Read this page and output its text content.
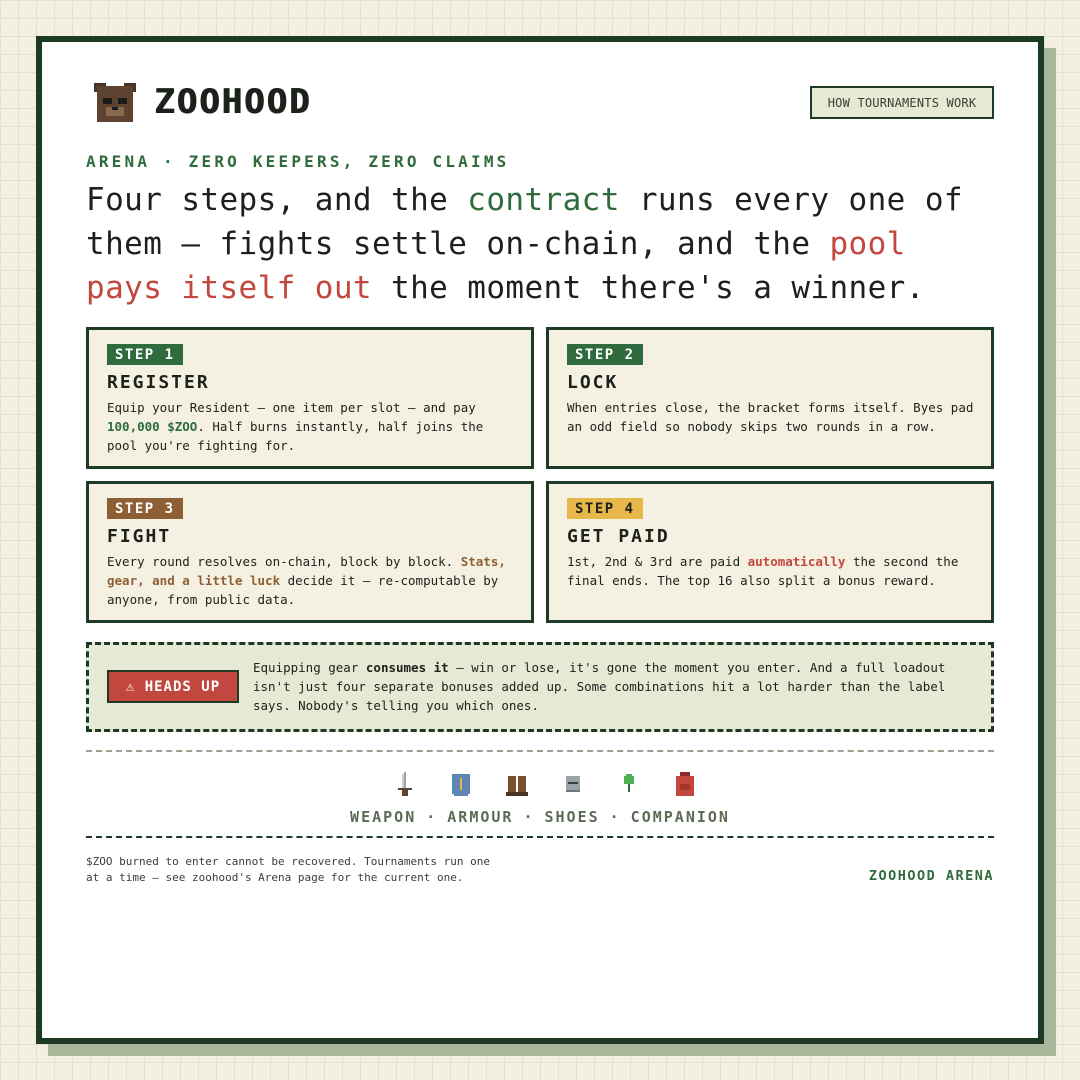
ZOOHOOD	HOW TOURNAMENTS WORK
ARENA · ZERO KEEPERS, ZERO CLAIMS
Four steps, and the contract runs every one of them — fights settle on-chain, and the pool pays itself out the moment there's a winner.
STEP 1
REGISTER
Equip your Resident — one item per slot — and pay 100,000 $ZOO. Half burns instantly, half joins the pool you're fighting for.
STEP 2
LOCK
When entries close, the bracket forms itself. Byes pad an odd field so nobody skips two rounds in a row.
STEP 3
FIGHT
Every round resolves on-chain, block by block. Stats, gear, and a little luck decide it — re-computable by anyone, from public data.
STEP 4
GET PAID
1st, 2nd & 3rd are paid automatically the second the final ends. The top 16 also split a bonus reward.
⚠ HEADS UP
Equipping gear consumes it — win or lose, it's gone the moment you enter. And a full loadout isn't just four separate bonuses added up. Some combinations hit a lot harder than the label says. Nobody's telling you which ones.
WEAPON · ARMOUR · SHOES · COMPANION
$ZOO burned to enter cannot be recovered. Tournaments run one at a time — see zoohood's Arena page for the current one.	ZOOHOOD ARENA
